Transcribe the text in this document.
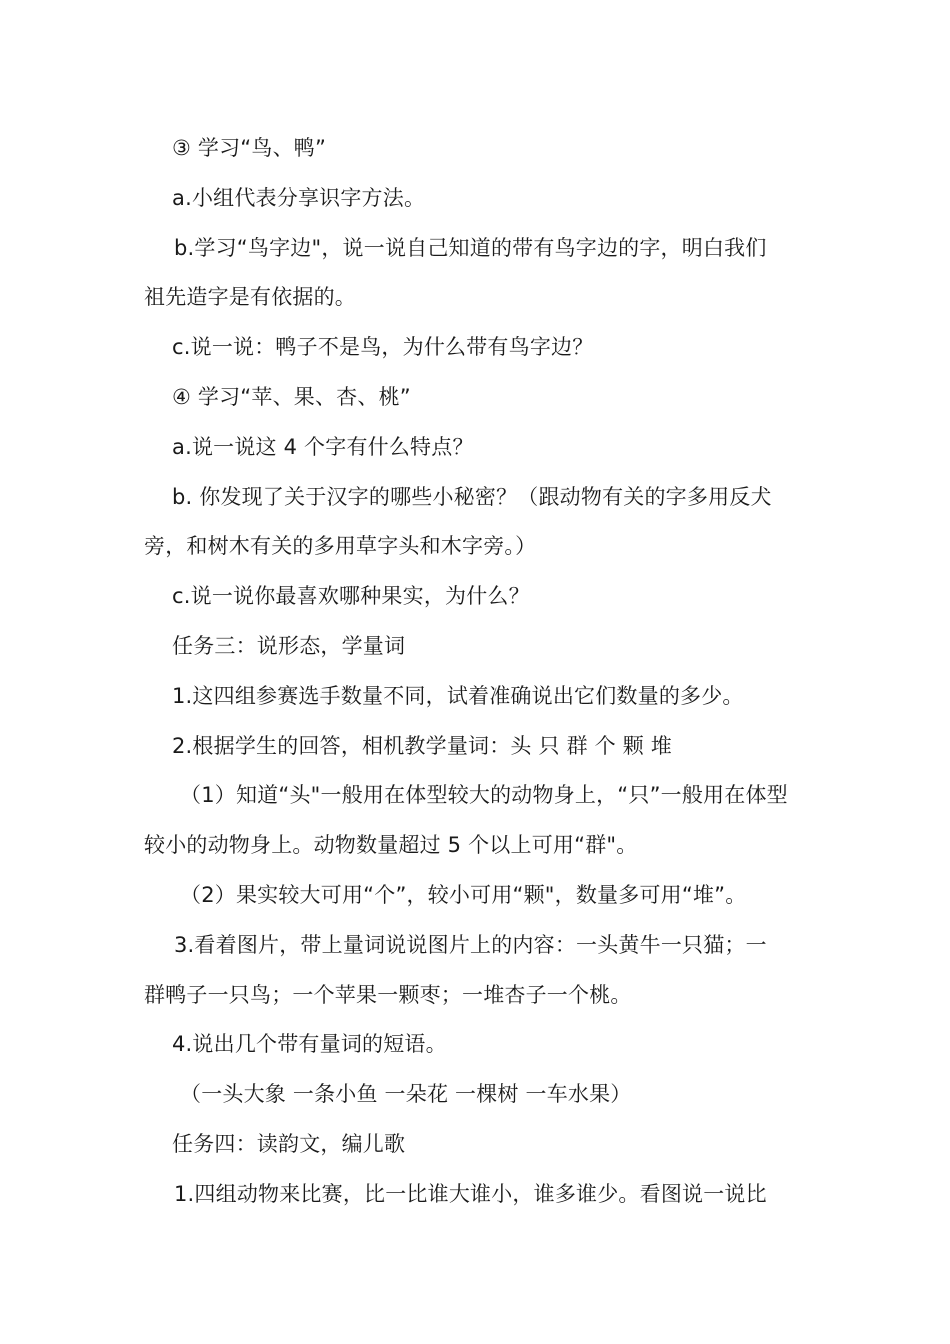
③ 学习“鸟、鸭”
a.小组代表分享识字方法。
b.学习“鸟字边"，说一说自己知道的带有鸟字边的字，明白我们
祖先造字是有依据的。
c.说一说：鸭子不是鸟，为什么带有鸟字边？
④ 学习“苹、果、杏、桃”
a.说一说这 4 个字有什么特点？
b. 你发现了关于汉字的哪些小秘密？（跟动物有关的字多用反犬
旁，和树木有关的多用草字头和木字旁。）
c.说一说你最喜欢哪种果实，为什么？
任务三：说形态，学量词
1.这四组参赛选手数量不同，试着准确说出它们数量的多少。
2.根据学生的回答，相机教学量词：头 只 群 个 颗 堆
（1）知道“头"一般用在体型较大的动物身上，“只”一般用在体型
较小的动物身上。动物数量超过 5 个以上可用“群"。
（2）果实较大可用“个”，较小可用“颗"，数量多可用“堆”。
3.看着图片，带上量词说说图片上的内容：一头黄牛一只猫；一
群鸭子一只鸟；一个苹果一颗枣；一堆杏子一个桃。
4.说出几个带有量词的短语。
（一头大象 一条小鱼 一朵花 一棵树 一车水果）
任务四：读韵文，编儿歌
1.四组动物来比赛，比一比谁大谁小，谁多谁少。看图说一说比
